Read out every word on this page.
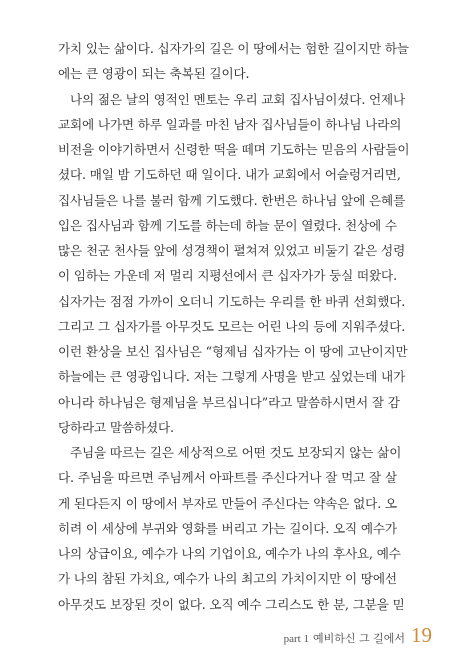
가치 있는 삶이다. 십자가의 길은 이 땅에서는 험한 길이지만 하늘
에는 큰 영광이 되는 축복된 길이다.
나의 젊은 날의 영적인 멘토는 우리 교회 집사님이셨다. 언제나
교회에 나가면 하루 일과를 마친 남자 집사님들이 하나님 나라의
비전을 이야기하면서 신령한 떡을 떼며 기도하는 믿음의 사람들이
셨다. 매일 밤 기도하던 때 일이다. 내가 교회에서 어슬렁거리면,
집사님들은 나를 불러 함께 기도했다. 한번은 하나님 앞에 은혜를
입은 집사님과 함께 기도를 하는데 하늘 문이 열렸다. 천상에 수
많은 천군 천사들 앞에 성경책이 펼쳐져 있었고 비둘기 같은 성령
이 임하는 가운데 저 멀리 지평선에서 큰 십자가가 둥실 떠왔다.
십자가는 점점 가까이 오더니 기도하는 우리를 한 바퀴 선회했다.
그리고 그 십자가를 아무것도 모르는 어린 나의 등에 지워주셨다.
이런 환상을 보신 집사님은 “형제님 십자가는 이 땅에 고난이지만
하늘에는 큰 영광입니다. 저는 그렇게 사명을 받고 싶었는데 내가
아니라 하나님은 형제님을 부르십니다”라고 말씀하시면서 잘 감
당하라고 말씀하셨다.
주님을 따르는 길은 세상적으로 어떤 것도 보장되지 않는 삶이
다. 주님을 따르면 주님께서 아파트를 주신다거나 잘 먹고 잘 살
게 된다든지 이 땅에서 부자로 만들어 주신다는 약속은 없다. 오
히려 이 세상에 부귀와 영화를 버리고 가는 길이다. 오직 예수가
나의 상급이요, 예수가 나의 기업이요, 예수가 나의 후사요, 예수
가 나의 참된 가치요, 예수가 나의 최고의 가치이지만 이 땅에선
아무것도 보장된 것이 없다. 오직 예수 그리스도 한 분, 그분을 믿
part 1 예비하신 그 길에서 19
